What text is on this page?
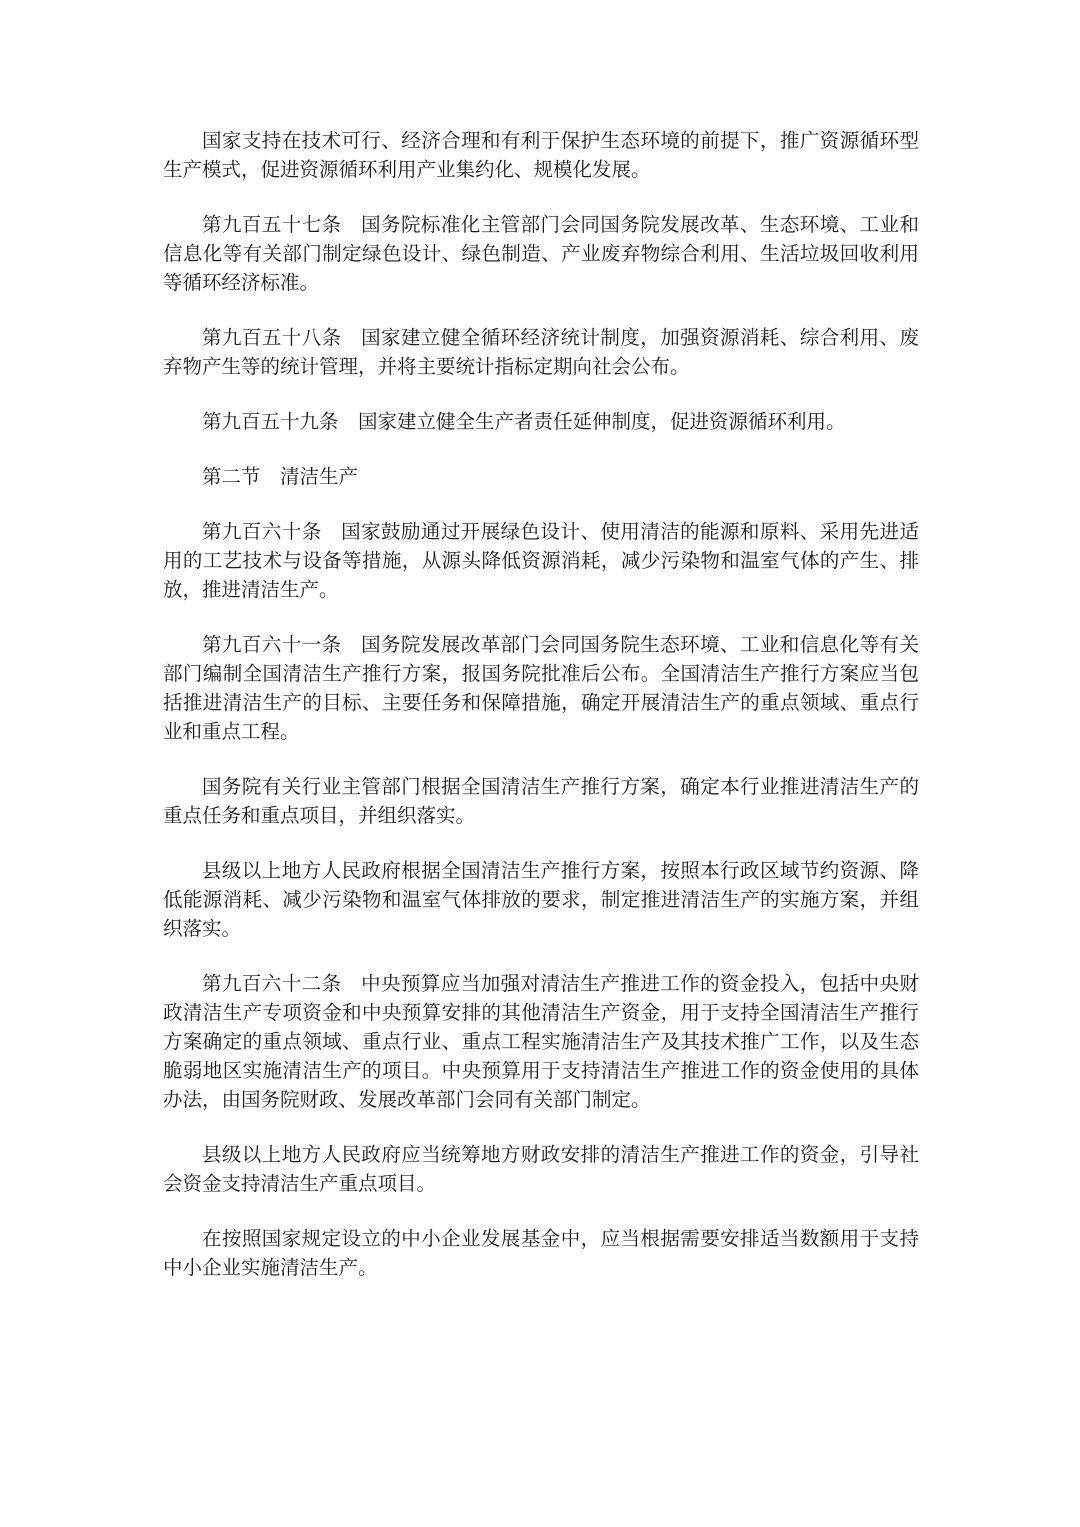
国家支持在技术可行、经济合理和有利于保护生态环境的前提下，推广资源循环型生产模式，促进资源循环利用产业集约化、规模化发展。

第九百五十七条 国务院标准化主管部门会同国务院发展改革、生态环境、工业和信息化等有关部门制定绿色设计、绿色制造、产业废弃物综合利用、生活垃圾回收利用等循环经济标准。

第九百五十八条 国家建立健全循环经济统计制度，加强资源消耗、综合利用、废弃物产生等的统计管理，并将主要统计指标定期向社会公布。

第九百五十九条 国家建立健全生产者责任延伸制度，促进资源循环利用。

第二节 清洁生产

第九百六十条 国家鼓励通过开展绿色设计、使用清洁的能源和原料、采用先进适用的工艺技术与设备等措施，从源头降低资源消耗，减少污染物和温室气体的产生、排放，推进清洁生产。

第九百六十一条 国务院发展改革部门会同国务院生态环境、工业和信息化等有关部门编制全国清洁生产推行方案，报国务院批准后公布。全国清洁生产推行方案应当包括推进清洁生产的目标、主要任务和保障措施，确定开展清洁生产的重点领域、重点行业和重点工程。

国务院有关行业主管部门根据全国清洁生产推行方案，确定本行业推进清洁生产的重点任务和重点项目，并组织落实。

县级以上地方人民政府根据全国清洁生产推行方案，按照本行政区域节约资源、降低能源消耗、减少污染物和温室气体排放的要求，制定推进清洁生产的实施方案，并组织落实。

第九百六十二条 中央预算应当加强对清洁生产推进工作的资金投入，包括中央财政清洁生产专项资金和中央预算安排的其他清洁生产资金，用于支持全国清洁生产推行方案确定的重点领域、重点行业、重点工程实施清洁生产及其技术推广工作，以及生态脆弱地区实施清洁生产的项目。中央预算用于支持清洁生产推进工作的资金使用的具体办法，由国务院财政、发展改革部门会同有关部门制定。

县级以上地方人民政府应当统筹地方财政安排的清洁生产推进工作的资金，引导社会资金支持清洁生产重点项目。

在按照国家规定设立的中小企业发展基金中，应当根据需要安排适当数额用于支持中小企业实施清洁生产。
